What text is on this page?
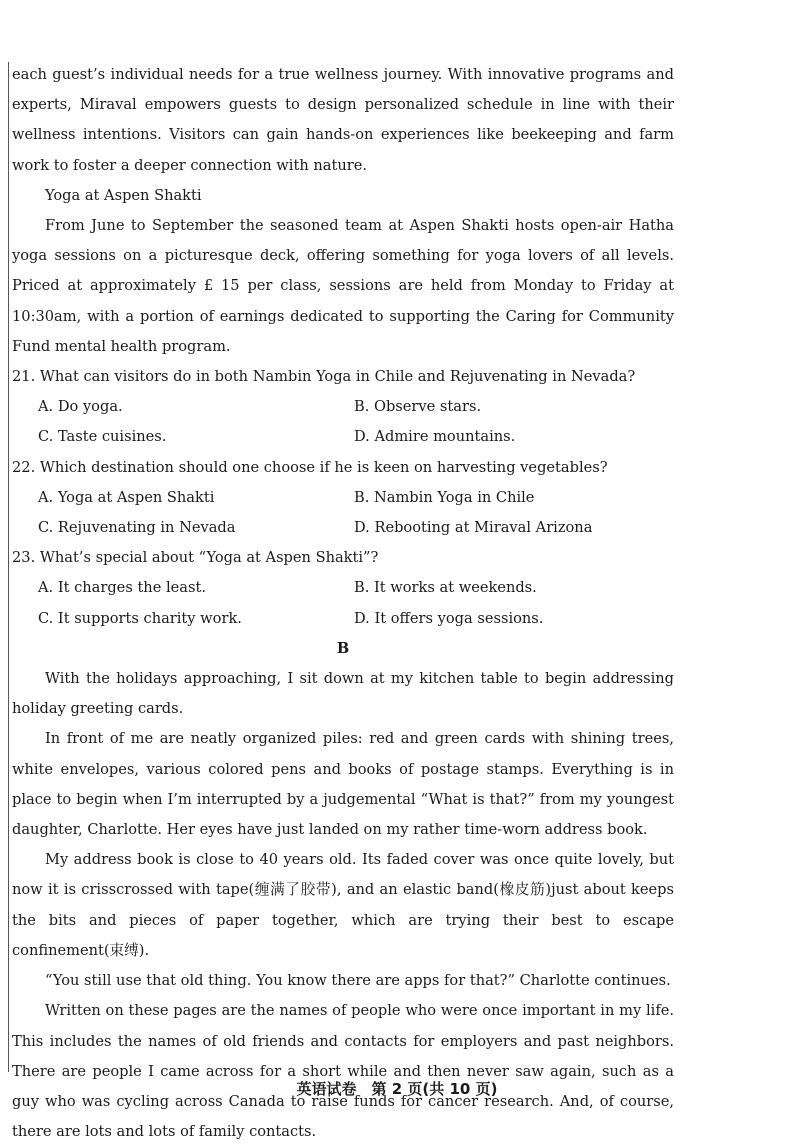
each guest’s individual needs for a true wellness journey. With innovative programs and experts, Miraval empowers guests to design personalized schedule in line with their wellness intentions. Visitors can gain hands-on experiences like beekeeping and farm work to foster a deeper connection with nature.

Yoga at Aspen Shakti

From June to September the seasoned team at Aspen Shakti hosts open-air Hatha yoga sessions on a picturesque deck, offering something for yoga lovers of all levels. Priced at approximately £ 15 per class, sessions are held from Monday to Friday at 10:30am, with a portion of earnings dedicated to supporting the Caring for Community Fund mental health program.

21. What can visitors do in both Nambin Yoga in Chile and Rejuvenating in Nevada?

A. Do yoga.	B. Observe stars.
C. Taste cuisines.	D. Admire mountains.

22. Which destination should one choose if he is keen on harvesting vegetables?

A. Yoga at Aspen Shakti	B. Nambin Yoga in Chile
C. Rejuvenating in Nevada	D. Rebooting at Miraval Arizona

23. What’s special about “Yoga at Aspen Shakti”?

A. It charges the least.	B. It works at weekends.
C. It supports charity work.	D. It offers yoga sessions.

B

With the holidays approaching, I sit down at my kitchen table to begin addressing holiday greeting cards.

In front of me are neatly organized piles: red and green cards with shining trees, white envelopes, various colored pens and books of postage stamps. Everything is in place to begin when I’m interrupted by a judgemental “What is that?” from my youngest daughter, Charlotte. Her eyes have just landed on my rather time-worn address book.

My address book is close to 40 years old. Its faded cover was once quite lovely, but now it is crisscrossed with tape(缠满了胶带), and an elastic band(橡皮筋)just about keeps the bits and pieces of paper together, which are trying their best to escape confinement(束缚).

“You still use that old thing. You know there are apps for that?” Charlotte continues.

Written on these pages are the names of people who were once important in my life. This includes the names of old friends and contacts for employers and past neighbors. There are people I came across for a short while and then never saw again, such as a guy who was cycling across Canada to raise funds for cancer research. And, of course, there are lots and lots of family contacts.

英语试卷　第 2 页(共 10 页)
